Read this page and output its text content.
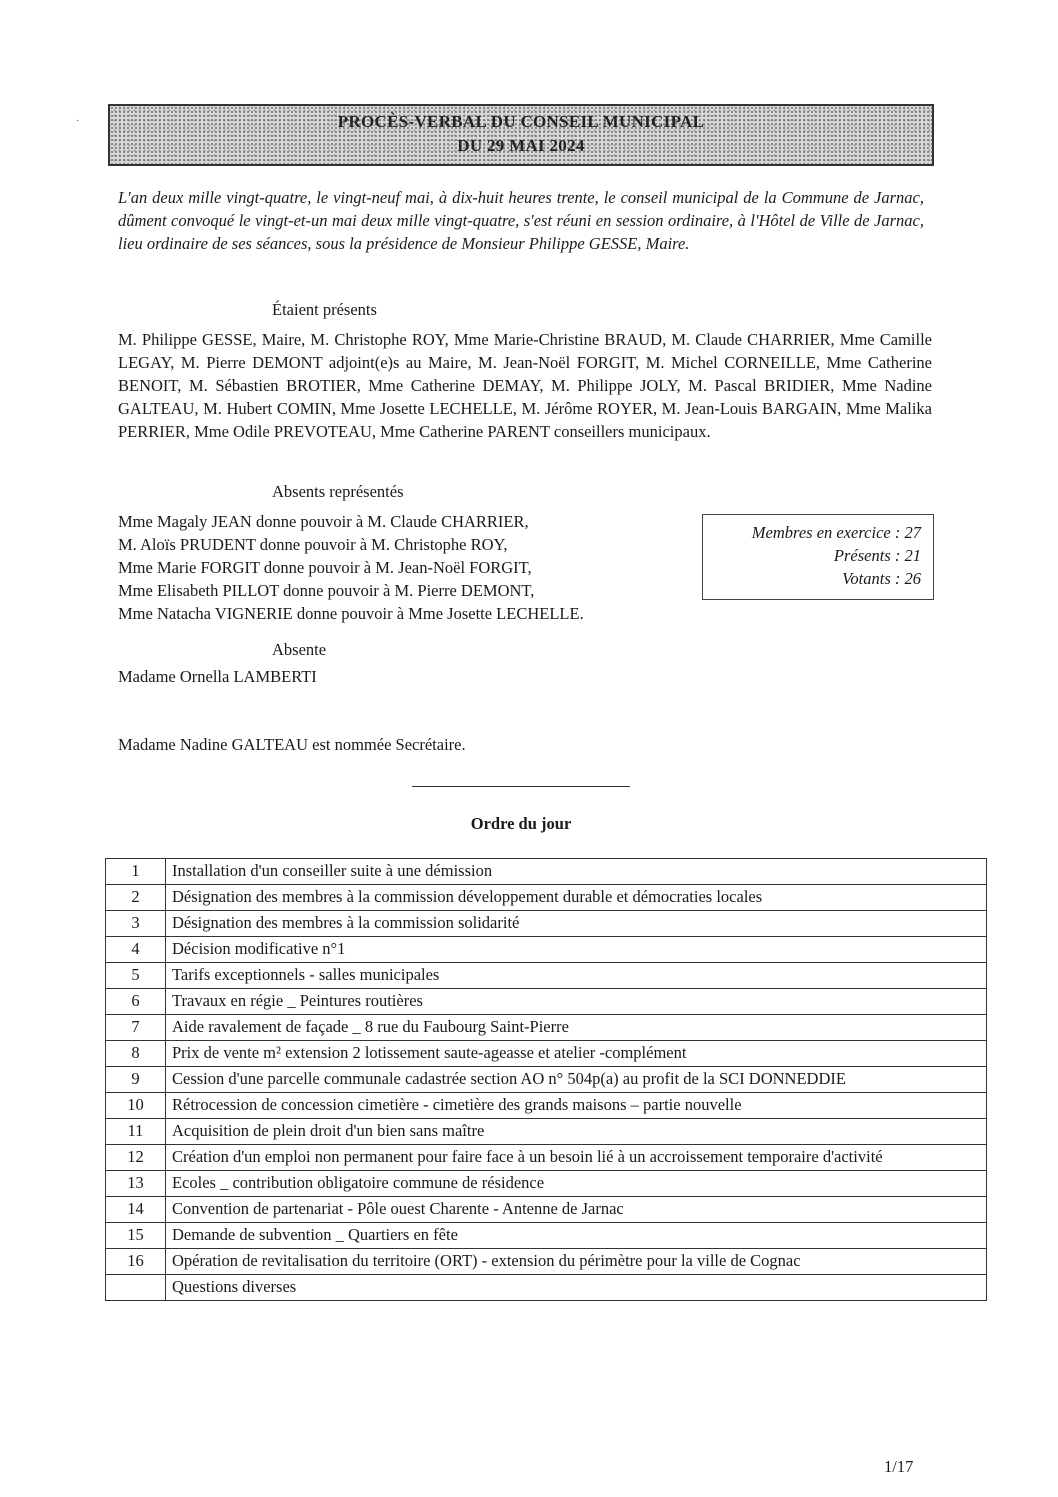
PROCÈS-VERBAL DU CONSEIL MUNICIPAL
DU 29 MAI 2024
L'an deux mille vingt-quatre, le vingt-neuf mai, à dix-huit heures trente, le conseil municipal de la Commune de Jarnac, dûment convoqué le vingt-et-un mai deux mille vingt-quatre, s'est réuni en session ordinaire, à l'Hôtel de Ville de Jarnac, lieu ordinaire de ses séances, sous la présidence de Monsieur Philippe GESSE, Maire.
Étaient présents
M. Philippe GESSE, Maire, M. Christophe ROY, Mme Marie-Christine BRAUD, M. Claude CHARRIER, Mme Camille LEGAY, M. Pierre DEMONT adjoint(e)s au Maire, M. Jean-Noël FORGIT, M. Michel CORNEILLE, Mme Catherine BENOIT, M. Sébastien BROTIER, Mme Catherine DEMAY, M. Philippe JOLY, M. Pascal BRIDIER, Mme Nadine GALTEAU, M. Hubert COMIN, Mme Josette LECHELLE, M. Jérôme ROYER, M. Jean-Louis BARGAIN, Mme Malika PERRIER, Mme Odile PREVOTEAU, Mme Catherine PARENT conseillers municipaux.
Absents représentés
Mme Magaly JEAN donne pouvoir à M. Claude CHARRIER,
M. Aloïs PRUDENT donne pouvoir à M. Christophe ROY,
Mme Marie FORGIT donne pouvoir à M. Jean-Noël FORGIT,
Mme Elisabeth PILLOT donne pouvoir à M. Pierre DEMONT,
Mme Natacha VIGNERIE donne pouvoir à Mme Josette LECHELLE.
Membres en exercice : 27
Présents : 21
Votants : 26
Absente
Madame Ornella LAMBERTI
Madame Nadine GALTEAU est nommée Secrétaire.
Ordre du jour
1	Installation d'un conseiller suite à une démission
2	Désignation des membres à la commission développement durable et démocraties locales
3	Désignation des membres à la commission solidarité
4	Décision modificative n°1
5	Tarifs exceptionnels - salles municipales
6	Travaux en régie _ Peintures routières
7	Aide ravalement de façade _ 8 rue du Faubourg Saint-Pierre
8	Prix de vente m² extension 2 lotissement saute-ageasse et atelier -complément
9	Cession d'une parcelle communale cadastrée section AO n° 504p(a) au profit de la SCI DONNEDDIE
10	Rétrocession de concession cimetière - cimetière des grands maisons – partie nouvelle
11	Acquisition de plein droit d'un bien sans maître
12	Création d'un emploi non permanent pour faire face à un besoin lié à un accroissement temporaire d'activité
13	Ecoles _ contribution obligatoire commune de résidence
14	Convention de partenariat - Pôle ouest Charente - Antenne de Jarnac
15	Demande de subvention _ Quartiers en fête
16	Opération de revitalisation du territoire (ORT) - extension du périmètre pour la ville de Cognac
	Questions diverses
1/17
·
